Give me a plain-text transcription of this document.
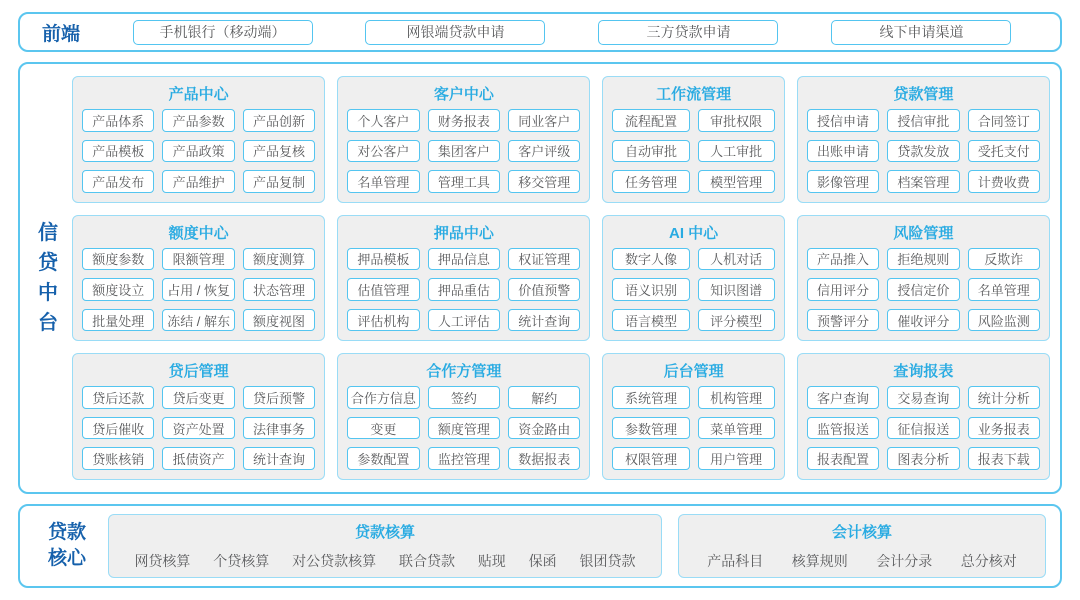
前端	手机银行（移动端）	网银端贷款申请	三方贷款申请	线下申请渠道
信贷中台
产品中心
产品体系	产品参数	产品创新
产品模板	产品政策	产品复核
产品发布	产品维护	产品复制
客户中心
个人客户	财务报表	同业客户
对公客户	集团客户	客户评级
名单管理	管理工具	移交管理
工作流管理
流程配置	审批权限
自动审批	人工审批
任务管理	模型管理
贷款管理
授信申请	授信审批	合同签订
出账申请	贷款发放	受托支付
影像管理	档案管理	计费收费
额度中心
额度参数	限额管理	额度测算
额度设立	占用 / 恢复	状态管理
批量处理	冻结 / 解东	额度视图
押品中心
押品模板	押品信息	权证管理
估值管理	押品重估	价值预警
评估机构	人工评估	统计查询
AI 中心
数字人像	人机对话
语义识别	知识图谱
语言模型	评分模型
风险管理
产品推入	拒绝规则	反欺诈
信用评分	授信定价	名单管理
预警评分	催收评分	风险监测
贷后管理
贷后还款	贷后变更	贷后预警
贷后催收	资产处置	法律事务
贷账核销	抵债资产	统计查询
合作方管理
合作方信息	签约	解约
变更	额度管理	资金路由
参数配置	监控管理	数据报表
后台管理
系统管理	机构管理
参数管理	菜单管理
权限管理	用户管理
查询报表
客户查询	交易查询	统计分析
监管报送	征信报送	业务报表
报表配置	图表分析	报表下载
贷款
核心
贷款核算
网贷核算 个贷核算 对公贷款核算 联合贷款 贴现 保函 银团贷款
会计核算
产品科目 核算规则 会计分录 总分核对
